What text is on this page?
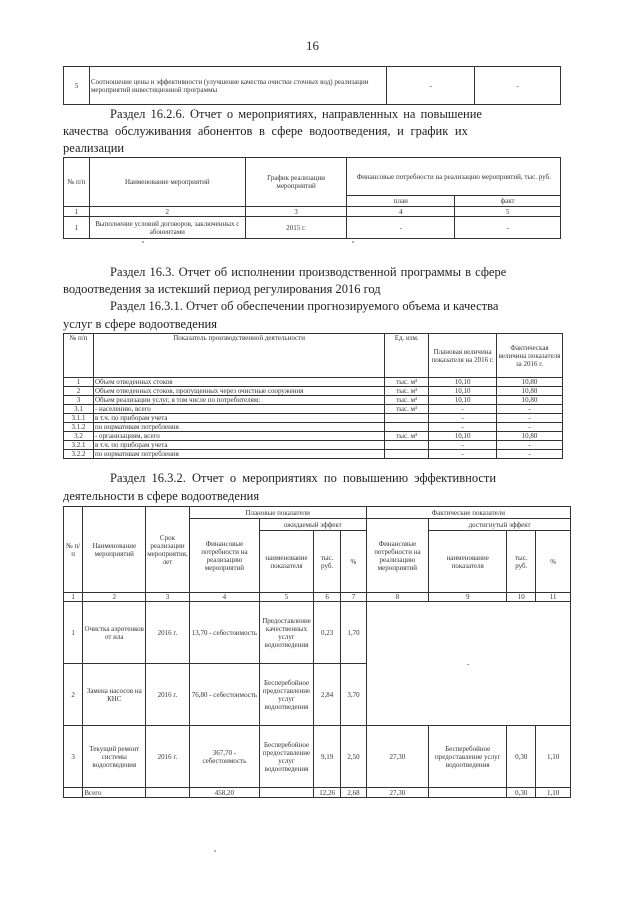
16
5	Соотношение цены и эффективности (улучшение качества очистки сточных вод) реализации мероприятий инвестиционной программы	-	-
Раздел 16.2.6. Отчет о мероприятиях, направленных на повышение
качества обслуживания абонентов в сфере водоотведения, и график их
реализации
№ п/п	Наименование мероприятий	График реализации мероприятий	Финансовые потребности на реализацию мероприятий, тыс. руб.	
			план	факт
1	2	3	4	5
1	Выполнение условий договоров, заключенных с абонентами	2015 г.	-	-
Раздел 16.3. Отчет об исполнении производственной программы в сфере
водоотведения за истекший период регулирования 2016 год
Раздел 16.3.1. Отчет об обеспечении прогнозируемого объема и качества
услуг в сфере водоотведения
№ п/п	Показатель производственной деятельности	Ед. изм.	Плановая величина показателя на 2016 г.	Фактическая величина показателя за 2016 г.
1	Объем отведенных стоков	тыс. м³	10,10	10,80
2	Объем отведенных стоков, пропущенных через очистные сооружения	тыс. м³	10,10	10,80
3	Объем реализации услуг, в том числе по потребителям:	тыс. м³	10,10	10,80
3.1	- населению, всего	тыс. м³	-	-
3.1.1	в т.ч. по приборам учета		-	-
3.1.2	по нормативам потребления		-	-
3.2	- организациям, всего	тыс. м³	10,10	10,80
3.2.1	в т.ч. по приборам учета		-	-
3.2.2	по нормативам потребления		-	-
Раздел 16.3.2. Отчет о мероприятиях по повышению эффективности
деятельности в сфере водоотведения
№ п/п	Наименование мероприятий	Срок реализации мероприятия, лет	Плановые показатели				Фактические показатели			
			Финансовые потребности на реализацию мероприятий	ожидаемый эффект			Финансовые потребности на реализацию мероприятий	достигнутый эффект		
				наименование показателя	тыс. руб.	%		наименование показателя	тыс. руб.	%
1	2	3	4	5	6	7	8	9	10	11
1	Очистка аэротенков от ила	2016 г.	13,70 - себестоимость	Предоставление качественных услуг водоотведения	0,23	1,70	-			
2	Замена насосов на КНС	2016 г.	76,80 - себестоимость	Бесперебойное предоставление услуг водоотведения	2,84	3,70				
3	Текущий ремонт системы водоотведения	2016 г.	367,70 - себестоимость	Бесперебойное предоставление услуг водоотведения	9,19	2,50	27,30	Бесперебойное предоставление услуг водоотведения	0,30	1,10
	Всего		458,20		12,26	2,68	27,30		0,30	1,10
